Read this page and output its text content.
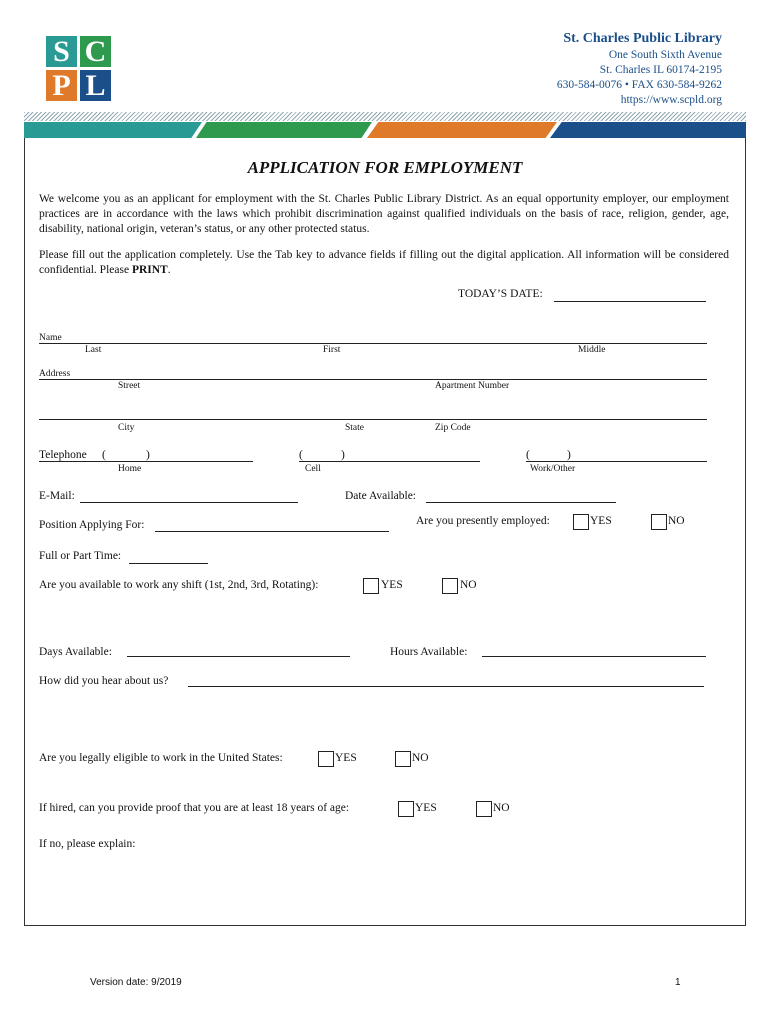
S C
P L
St. Charles Public Library
One South Sixth Avenue
St. Charles IL 60174-2195
630-584-0076 • FAX 630-584-9262
https://www.scpld.org
APPLICATION FOR EMPLOYMENT
We welcome you as an applicant for employment with the St. Charles Public Library District. As an equal opportunity employer, our employment practices are in accordance with the laws which prohibit discrimination against qualified individuals on the basis of race, religion, gender, age, disability, national origin, veteran’s status, or any other protected status.
Please fill out the application completely. Use the Tab key to advance fields if filling out the digital application. All information will be considered confidential. Please PRINT.
TODAY’S DATE:
Name
Last	First	Middle
Address
Street	Apartment Number
City	State	Zip Code
Telephone (	)
Home
(	)
Cell
(	)
Work/Other
E-Mail:	Date Available:
Position Applying For:	Are you presently employed:	YES	NO
Full or Part Time:
Are you available to work any shift (1st, 2nd, 3rd, Rotating):	YES	NO
Days Available:	Hours Available:
How did you hear about us?
Are you legally eligible to work in the United States:	YES	NO
If hired, can you provide proof that you are at least 18 years of age:	YES	NO
If no, please explain:
Version date: 9/2019	1
